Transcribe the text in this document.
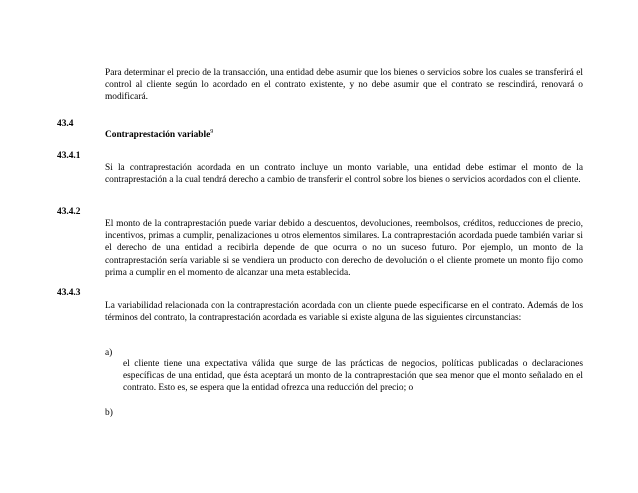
Para determinar el precio de la transacción, una entidad debe asumir que los bienes o servicios sobre los cuales se transferirá el control al cliente según lo acordado en el contrato existente, y no debe asumir que el contrato se rescindirá, renovará o modificará.
43.4
Contraprestación variable$^9$
43.4.1
Si la contraprestación acordada en un contrato incluye un monto variable, una entidad debe estimar el monto de la contraprestación a la cual tendrá derecho a cambio de transferir el control sobre los bienes o servicios acordados con el cliente.
43.4.2
El monto de la contraprestación puede variar debido a descuentos, devoluciones, reembolsos, créditos, reducciones de precio, incentivos, primas a cumplir, penalizaciones u otros elementos similares. La contraprestación acordada puede también variar si el derecho de una entidad a recibirla depende de que ocurra o no un suceso futuro. Por ejemplo, un monto de la contraprestación sería variable si se vendiera un producto con derecho de devolución o el cliente promete un monto fijo como prima a cumplir en el momento de alcanzar una meta establecida.
43.4.3
La variabilidad relacionada con la contraprestación acordada con un cliente puede especificarse en el contrato. Además de los términos del contrato, la contraprestación acordada es variable si existe alguna de las siguientes circunstancias:
a)
el cliente tiene una expectativa válida que surge de las prácticas de negocios, políticas publicadas o declaraciones específicas de una entidad, que ésta aceptará un monto de la contraprestación que sea menor que el monto señalado en el contrato. Esto es, se espera que la entidad ofrezca una reducción del precio; o
b)
